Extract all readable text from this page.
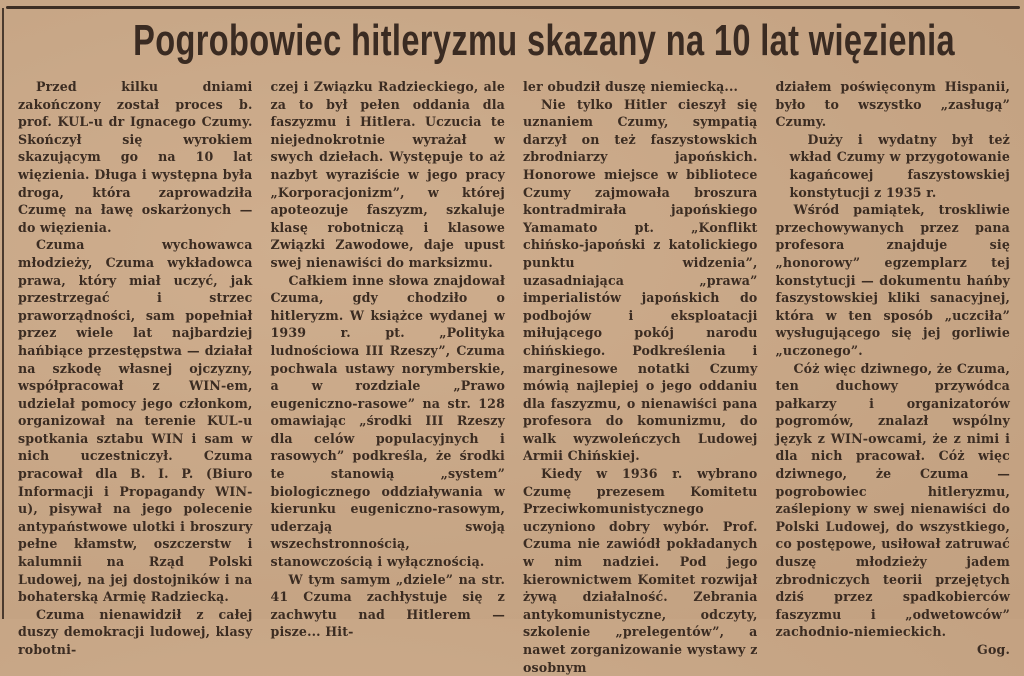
Pogrobowiec hitleryzmu skazany na 10 lat więzienia

Przed kilku dniami zakończony został proces b. prof. KUL-u dr Ignacego Czumy. Skończył się wyrokiem skazującym go na 10 lat więzienia. Długa i występna była droga, która zaprowadziła Czumę na ławę oskarżonych — do więzienia.

Czuma wychowawca młodzieży, Czuma wykładowca prawa, który miał uczyć, jak przestrzegać i strzec praworządności, sam popełniał przez wiele lat najbardziej hańbiące przestępstwa — działał na szkodę własnej ojczyzny, współpracował z WIN-em, udzielał pomocy jego członkom, organizował na terenie KUL-u spotkania sztabu WIN i sam w nich uczestniczył. Czuma pracował dla B. I. P. (Biuro Informacji i Propagandy WIN-u), pisywał na jego polecenie antypaństwowe ulotki i broszury pełne kłamstw, oszczerstw i kalumnii na Rząd Polski Ludowej, na jej dostojników i na bohaterską Armię Radziecką.

Czuma nienawidził z całej duszy demokracji ludowej, klasy robotni-

czej i Związku Radzieckiego, ale za to był pełen oddania dla faszyzmu i Hitlera. Uczucia te niejednokrotnie wyrażał w swych dziełach. Występuje to aż nazbyt wyraziście w jego pracy „Korporacjonizm”, w której apoteozuje faszyzm, szkaluje klasę robotniczą i klasowe Związki Zawodowe, daje upust swej nienawiści do marksizmu.

Całkiem inne słowa znajdował Czuma, gdy chodziło o hitleryzm. W książce wydanej w 1939 r. pt. „Polityka ludnościowa III Rzeszy”, Czuma pochwala ustawy norymberskie, a w rozdziale „Prawo eugeniczno-rasowe” na str. 128 omawiając „środki III Rzeszy dla celów populacyjnych i rasowych” podkreśla, że środki te stanowią „system” biologicznego oddziaływania w kierunku eugeniczno-rasowym, uderzają swoją wszechstronnością, stanowczością i wyłącznością.

W tym samym „dziele” na str. 41 Czuma zachłystuje się z zachwytu nad Hitlerem — pisze... Hit-

ler obudził duszę niemiecką...

Nie tylko Hitler cieszył się uznaniem Czumy, sympatią darzył on też faszystowskich zbrodniarzy japońskich. Honorowe miejsce w bibliotece Czumy zajmowała broszura kontradmirała japońskiego Yamamato pt. „Konflikt chińsko-japoński z katolickiego punktu widzenia”, uzasadniająca „prawa” imperialistów japońskich do podbojów i eksploatacji miłującego pokój narodu chińskiego. Podkreślenia i marginesowe notatki Czumy mówią najlepiej o jego oddaniu dla faszyzmu, o nienawiści pana profesora do komunizmu, do walk wyzwoleńczych Ludowej Armii Chińskiej.

Kiedy w 1936 r. wybrano Czumę prezesem Komitetu Przeciwkomunistycznego uczyniono dobry wybór. Prof. Czuma nie zawiódł pokładanych w nim nadziei. Pod jego kierownictwem Komitet rozwijał żywą działalność. Zebrania antykomunistyczne, odczyty, szkolenie „prelegentów”, a nawet zorganizowanie wystawy z osobnym

działem poświęconym Hispanii, było to wszystko „zasługą” Czumy.

Duży i wydatny był też wkład Czumy w przygotowanie kagańcowej faszystowskiej konstytucji z 1935 r.

Wśród pamiątek, troskliwie przechowywanych przez pana profesora znajduje się „honorowy” egzemplarz tej konstytucji — dokumentu hańby faszystowskiej kliki sanacyjnej, która w ten sposób „uczciła” wysługującego się jej gorliwie „uczonego”.

Cóż więc dziwnego, że Czuma, ten duchowy przywódca pałkarzy i organizatorów pogromów, znalazł wspólny język z WIN-owcami, że z nimi i dla nich pracował. Cóż więc dziwnego, że Czuma — pogrobowiec hitleryzmu, zaślepiony w swej nienawiści do Polski Ludowej, do wszystkiego, co postępowe, usiłował zatruwać duszę młodzieży jadem zbrodniczych teorii przejętych dziś przez spadkobierców faszyzmu i „odwetowców” zachodnio-niemieckich.

Gog.
